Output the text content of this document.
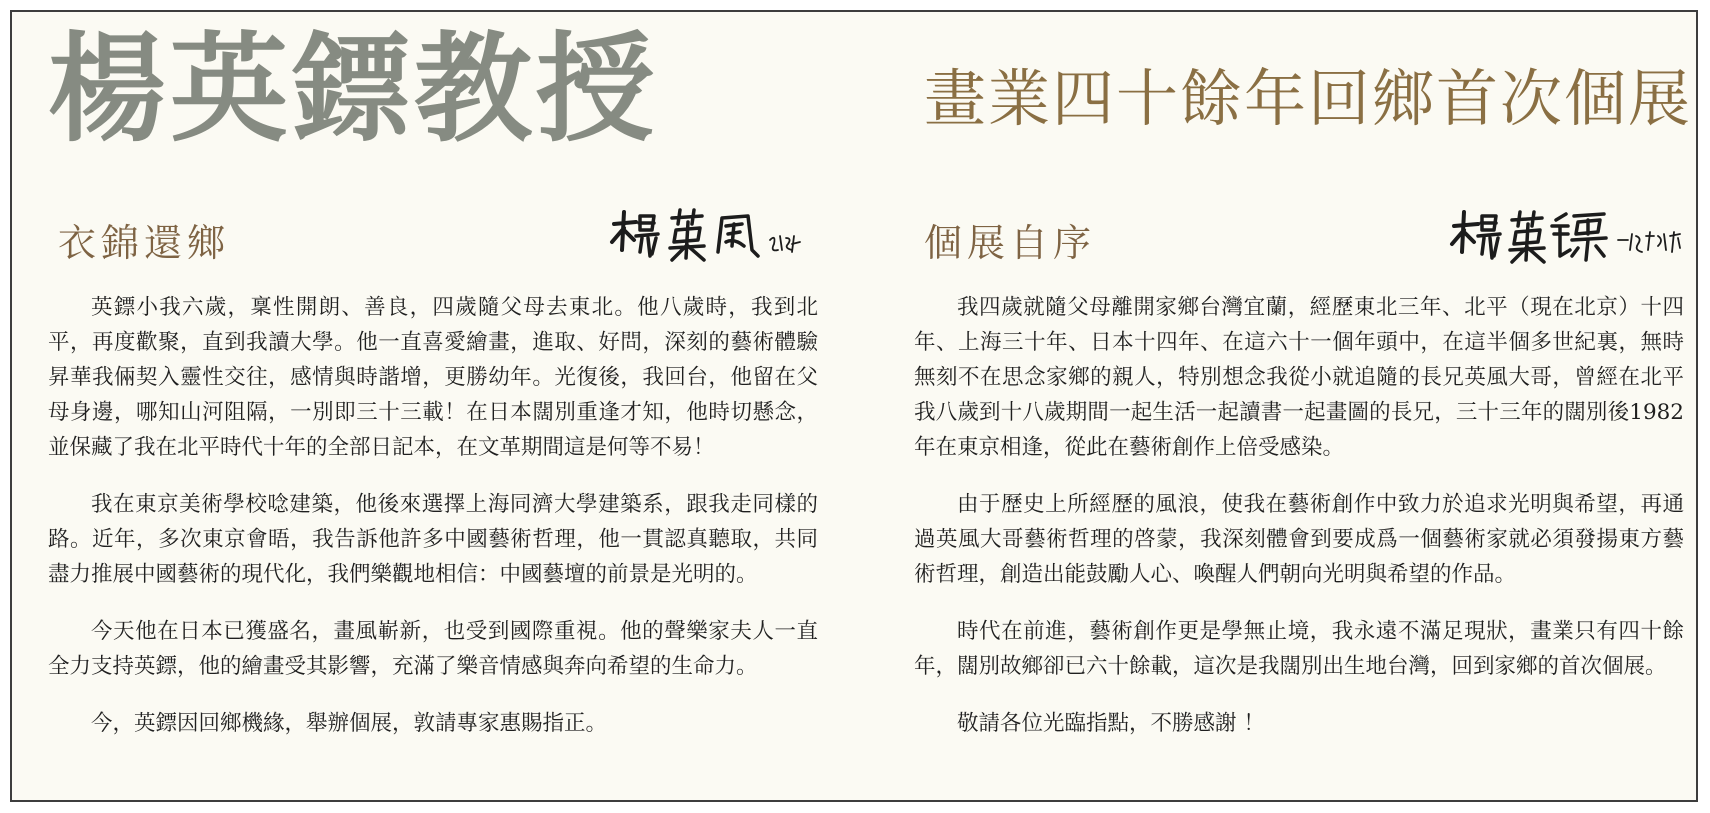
楊英鏢教授	畫業四十餘年回鄉首次個展
衣錦還鄉

英鏢小我六歲，稟性開朗、善良，四歲隨父母去東北。他八歲時，我到北平，再度歡聚，直到我讀大學。他一直喜愛繪畫，進取、好問，深刻的藝術體驗昇華我倆契入靈性交往，感情與時諧增，更勝幼年。光復後，我回台，他留在父母身邊，哪知山河阻隔，一別即三十三載！在日本闊別重逢才知，他時切懸念，並保藏了我在北平時代十年的全部日記本，在文革期間這是何等不易！

我在東京美術學校唸建築，他後來選擇上海同濟大學建築系，跟我走同樣的路。近年，多次東京會晤，我告訴他許多中國藝術哲理，他一貫認真聽取，共同盡力推展中國藝術的現代化，我們樂觀地相信：中國藝壇的前景是光明的。

今天他在日本已獲盛名，畫風嶄新，也受到國際重視。他的聲樂家夫人一直全力支持英鏢，他的繪畫受其影響，充滿了樂音情感與奔向希望的生命力。

今，英鏢因回鄉機緣，舉辦個展，敦請專家惠賜指正。

個展自序

我四歲就隨父母離開家鄉台灣宜蘭，經歷東北三年、北平（現在北京）十四年、上海三十年、日本十四年、在這六十一個年頭中，在這半個多世紀裏，無時無刻不在思念家鄉的親人，特別想念我從小就追隨的長兄英風大哥，曾經在北平我八歲到十八歲期間一起生活一起讀書一起畫圖的長兄，三十三年的闊別後1982年在東京相逢，從此在藝術創作上倍受感染。

由于歷史上所經歷的風浪，使我在藝術創作中致力於追求光明與希望，再通過英風大哥藝術哲理的啓蒙，我深刻體會到要成爲一個藝術家就必須發揚東方藝術哲理，創造出能鼓勵人心、喚醒人們朝向光明與希望的作品。

時代在前進，藝術創作更是學無止境，我永遠不滿足現狀，畫業只有四十餘年，闊別故鄉卻已六十餘載，這次是我闊別出生地台灣，回到家鄉的首次個展。

敬請各位光臨指點，不勝感謝 ！
